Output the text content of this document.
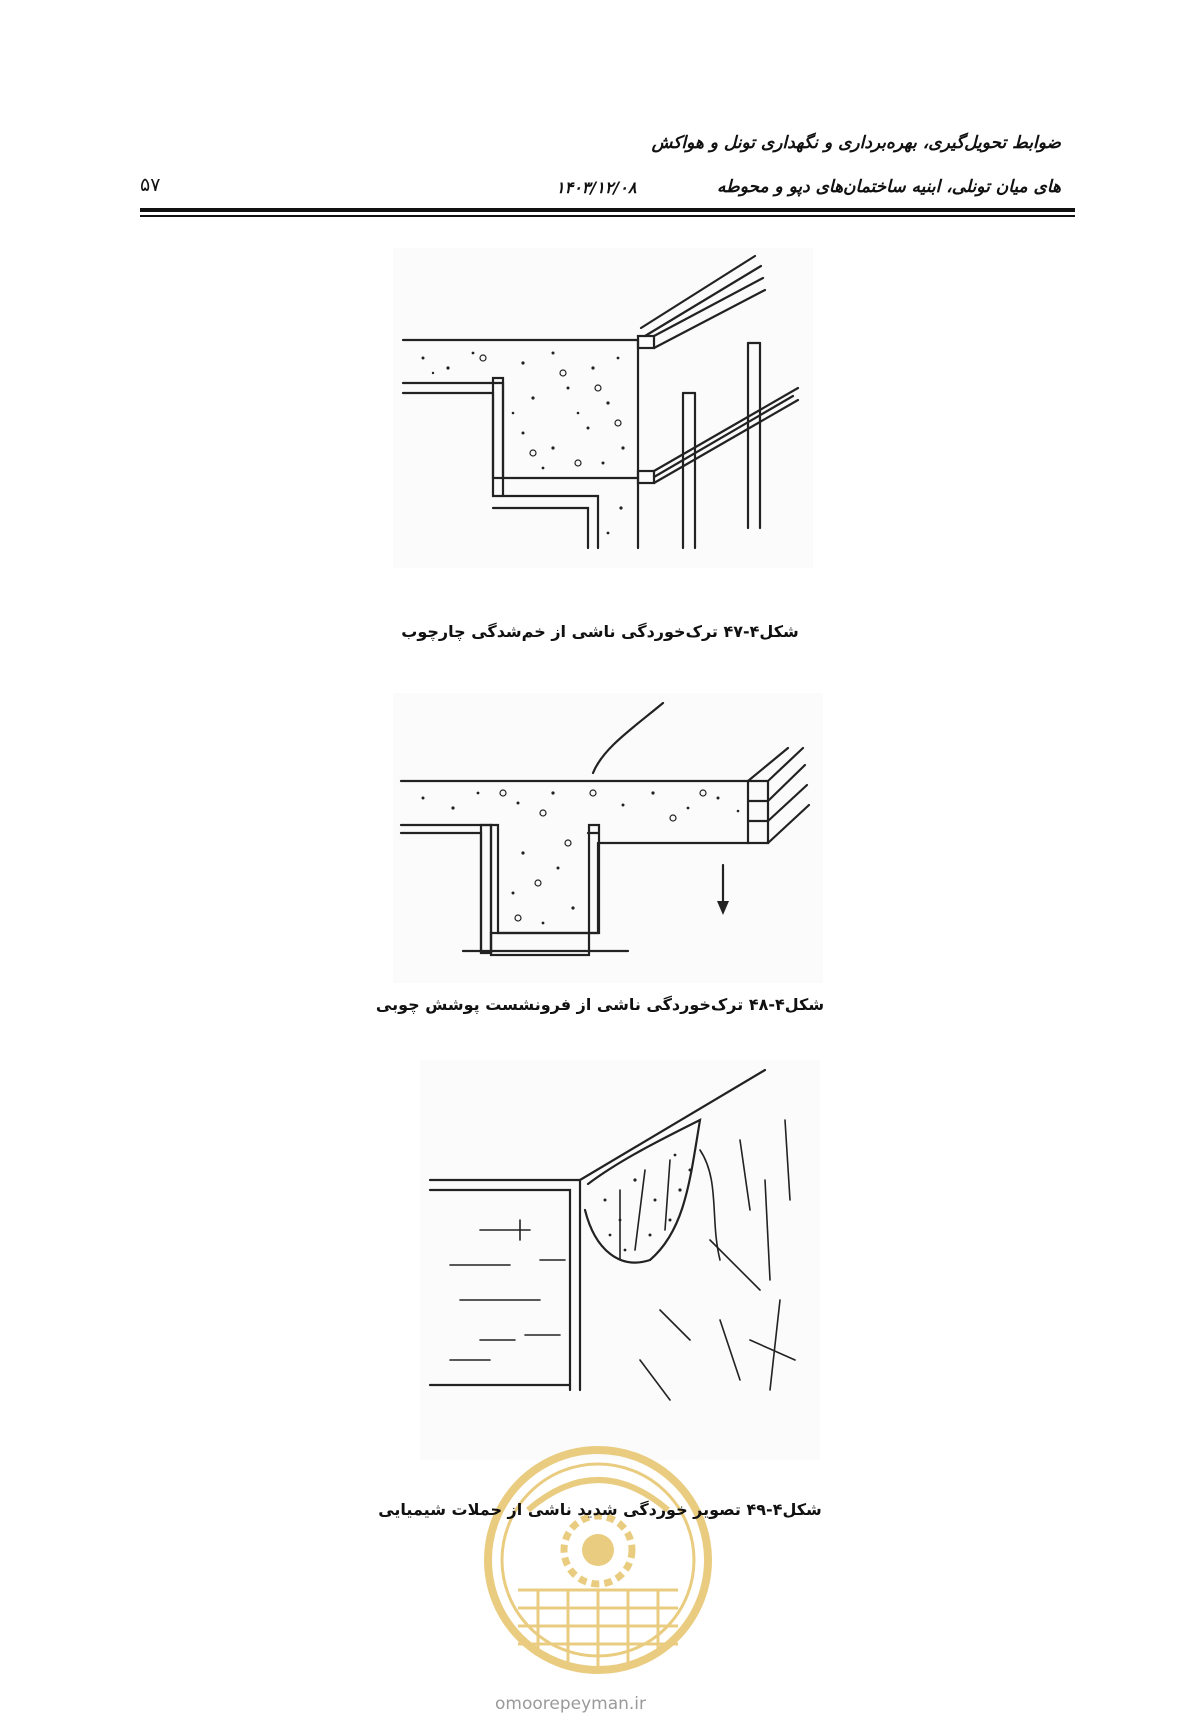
ضوابط تحویل‌گیری، بهره‌برداری و نگهداری تونل و هواکش
های میان تونلی، ابنیه ساختمان‌های دپو و محوطه
۱۴۰۳/۱۲/۰۸
۵۷
شکل۴-۴۷ ترک‌خوردگی ناشی از خم‌شدگی چارچوب
شکل۴-۴۸ ترک‌خوردگی ناشی از فرونشست پوشش چوبی
شکل۴-۴۹ تصویر خوردگی شدید ناشی از حملات شیمیایی
omoorepeyman.ir
